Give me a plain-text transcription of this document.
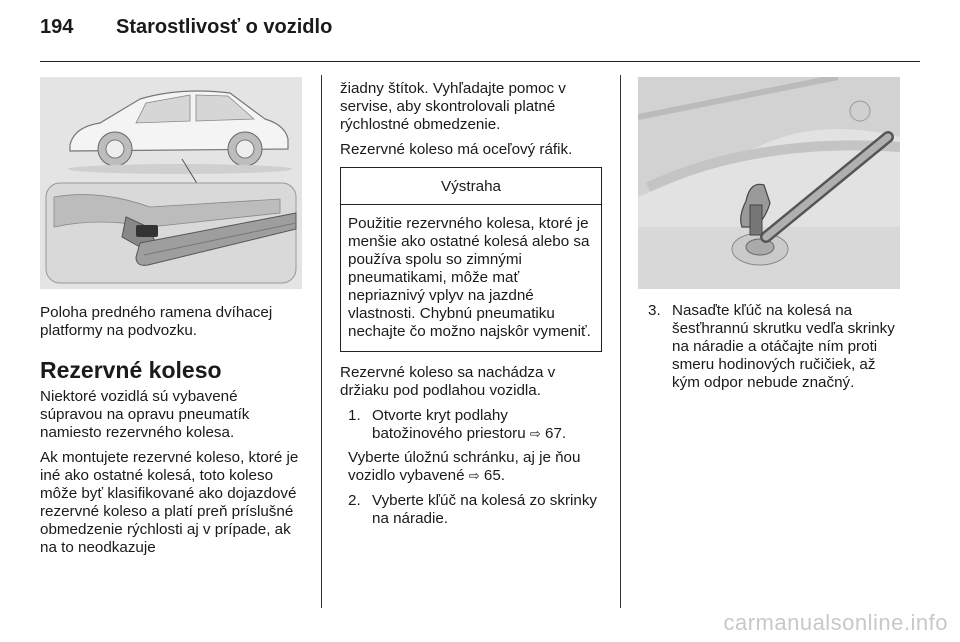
194 Starostlivosť o vozidlo

Poloha predného ramena dvíhacej platformy na podvozku.

Rezervné koleso

Niektoré vozidlá sú vybavené súpravou na opravu pneumatík namiesto rezervného kolesa.

Ak montujete rezervné koleso, ktoré je iné ako ostatné kolesá, toto koleso môže byť klasifikované ako dojazdové rezervné koleso a platí preň príslušné obmedzenie rýchlosti aj v prípade, ak na to neodkazuje

žiadny štítok. Vyhľadajte pomoc v servise, aby skontrolovali platné rýchlostné obmedzenie.

Rezervné koleso má oceľový ráfik.

Výstraha
Použitie rezervného kolesa, ktoré je menšie ako ostatné kolesá alebo sa používa spolu so zimnými pneumatikami, môže mať nepriaznivý vplyv na jazdné vlastnosti. Chybnú pneumatiku nechajte čo možno najskôr vymeniť.

Rezervné koleso sa nachádza v držiaku pod podlahou vozidla.

1. Otvorte kryt podlahy batožinového priestoru ⇨ 67.

Vyberte úložnú schránku, aj je ňou vozidlo vybavené ⇨ 65.

2. Vyberte kľúč na kolesá zo skrinky na náradie.
3. Nasaďte kľúč na kolesá na šesťhrannú skrutku vedľa skrinky na náradie a otáčajte ním proti smeru hodinových ručičiek, až kým odpor nebude značný.
carmanualsonline.info
